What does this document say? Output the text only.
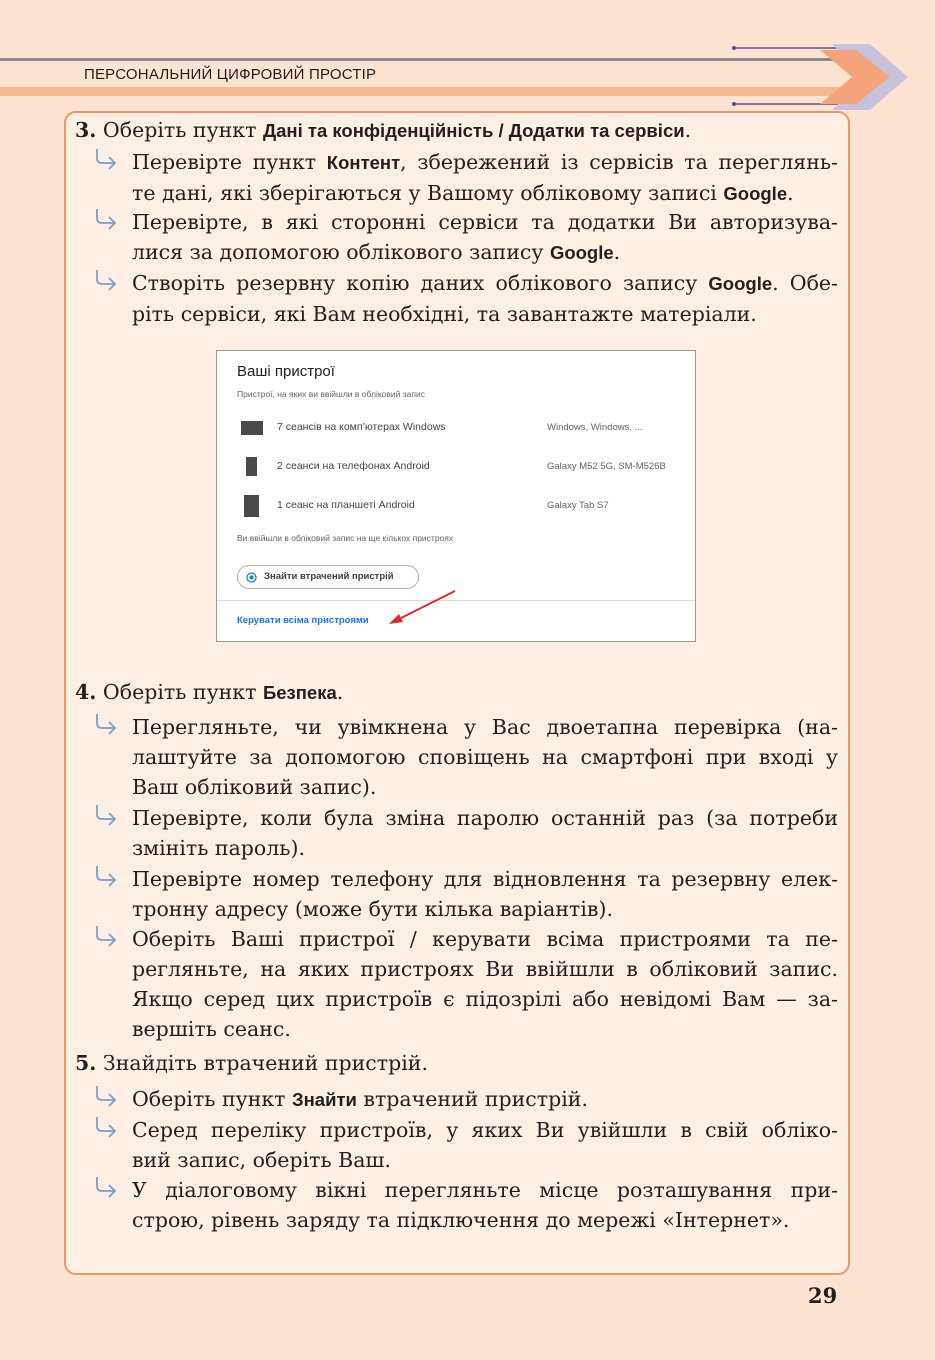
ПЕРСОНАЛЬНИЙ ЦИФРОВИЙ ПРОСТІР
3. Оберіть пункт Дані та конфіденційність / Додатки та сервіси.
Перевірте пункт Контент, збережений із сервісів та переглянь-
те дані, які зберігаються у Вашому обліковому записі Google.
Перевірте, в які сторонні сервіси та додатки Ви авторизува-
лися за допомогою облікового запису Google.
Створіть резервну копію даних облікового запису Google. Обе-
ріть сервіси, які Вам необхідні, та завантажте матеріали.
Ваші пристрої
Пристрої, на яких ви ввійшли в обліковий запис
7 сеансів на комп’ютерах Windows	Windows, Windows, ...
2 сеанси на телефонах Android	Galaxy M52 5G, SM-M526B
1 сеанс на планшеті Android	Galaxy Tab S7
Ви ввійшли в обліковий запис на ще кількох пристроях
Знайти втрачений пристрій
Керувати всіма пристроями
4. Оберіть пункт Безпека.
Перегляньте, чи увімкнена у Вас двоетапна перевірка (на-
лаштуйте за допомогою сповіщень на смартфоні при вході у
Ваш обліковий запис).
Перевірте, коли була зміна паролю останній раз (за потреби
змініть пароль).
Перевірте номер телефону для відновлення та резервну елек-
тронну адресу (може бути кілька варіантів).
Оберіть Ваші пристрої / керувати всіма пристроями та пе-
регляньте, на яких пристроях Ви ввійшли в обліковий запис.
Якщо серед цих пристроїв є підозрілі або невідомі Вам — за-
вершіть сеанс.
5. Знайдіть втрачений пристрій.
Оберіть пункт Знайти втрачений пристрій.
Серед переліку пристроїв, у яких Ви увійшли в свій обліко-
вий запис, оберіть Ваш.
У діалоговому вікні перегляньте місце розташування при-
строю, рівень заряду та підключення до мережі «Інтернет».
29
